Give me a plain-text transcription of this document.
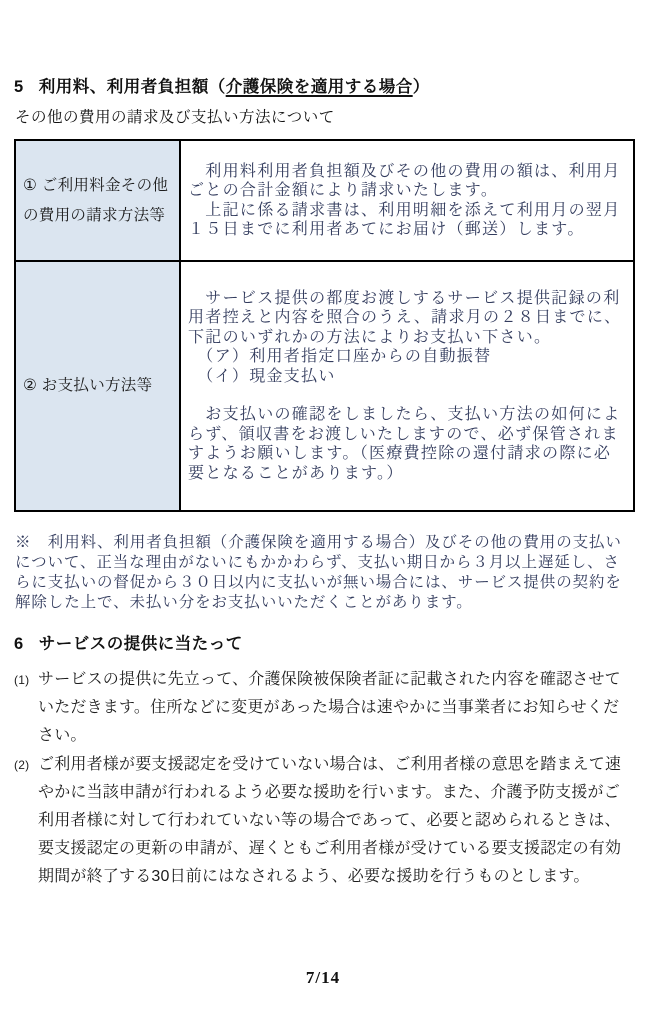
5 利用料、利用者負担額（介護保険を適用する場合）

その他の費用の請求及び支払い方法について

① ご利用料金その他の費用の請求方法等	　利用料利用者負担額及びその他の費用の額は、利用月ごとの合計金額により請求いたします。

　上記に係る請求書は、利用明細を添えて利用月の翌月１５日までに利用者あてにお届け（郵送）します。

② お支払い方法等	　サービス提供の都度お渡しするサービス提供記録の利用者控えと内容を照合のうえ、請求月の２８日までに、下記のいずれかの方法によりお支払い下さい。

　（ア）利用者指定口座からの自動振替

　（イ）現金支払い

　お支払いの確認をしましたら、支払い方法の如何によらず、領収書をお渡しいたしますので、必ず保管されますようお願いします。（医療費控除の還付請求の際に必要となることがあります。）

※　利用料、利用者負担額（介護保険を適用する場合）及びその他の費用の支払いについて、正当な理由がないにもかかわらず、支払い期日から３月以上遅延し、さらに支払いの督促から３０日以内に支払いが無い場合には、サービス提供の契約を解除した上で、未払い分をお支払いいただくことがあります。

6 サービスの提供に当たって
(1) サービスの提供に先立って、介護保険被保険者証に記載された内容を確認させていただきます。住所などに変更があった場合は速やかに当事業者にお知らせください。
(2) ご利用者様が要支援認定を受けていない場合は、ご利用者様の意思を踏まえて速やかに当該申請が行われるよう必要な援助を行います。また、介護予防支援がご利用者様に対して行われていない等の場合であって、必要と認められるときは、要支援認定の更新の申請が、遅くともご利用者様が受けている要支援認定の有効期間が終了する30日前にはなされるよう、必要な援助を行うものとします。
7/14
